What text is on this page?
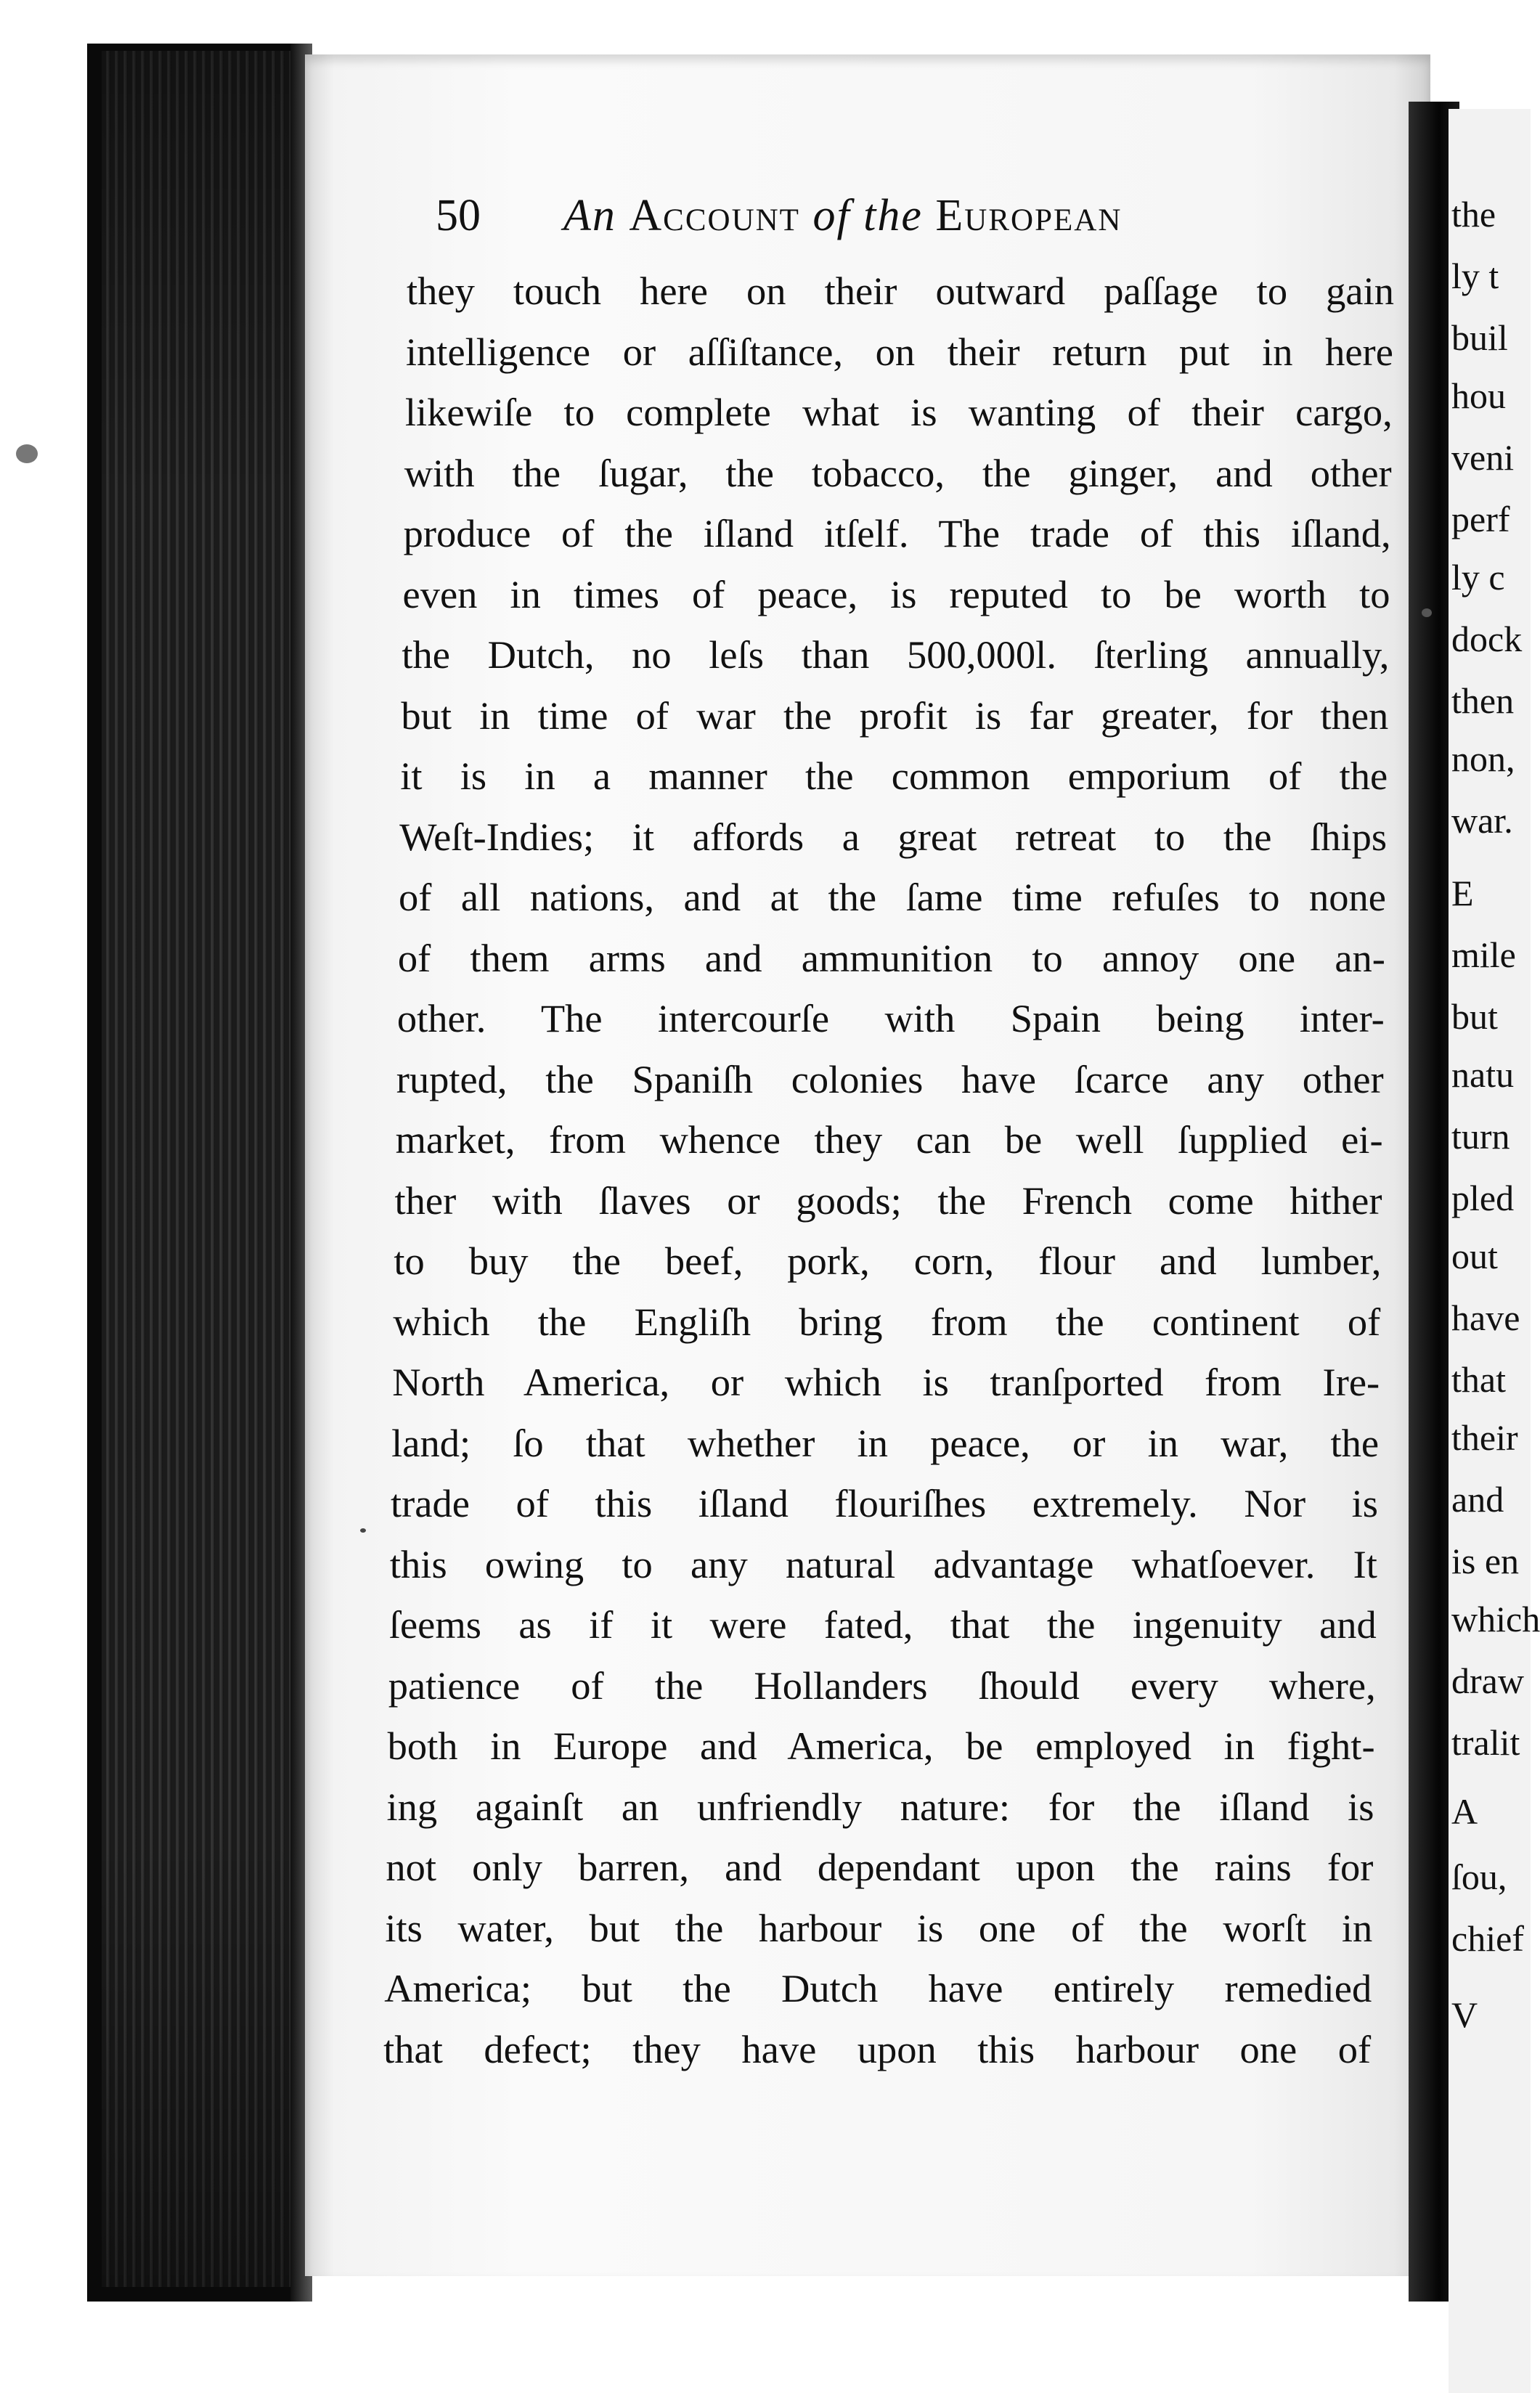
the
ly t
buil
hou
veni
perf
ly c
dock
then
non,
war.
E
mile
but
natu
turn
pled
out
have
that
their
and
is en
which
draw
tralit
A
ſou,
chief
V
50 An Account of the European
they touch here on their outward paſſage to gain
intelligence or aſſiſtance, on their return put in here
likewiſe to complete what is wanting of their cargo,
with the ſugar, the tobacco, the ginger, and other
produce of the iſland itſelf. The trade of this iſland,
even in times of peace, is reputed to be worth to
the Dutch, no leſs than 500,000l. ſterling annually,
but in time of war the profit is far greater, for then
it is in a manner the common emporium of the
Weſt-Indies; it affords a great retreat to the ſhips
of all nations, and at the ſame time refuſes to none
of them arms and ammunition to annoy one an-
other. The intercourſe with Spain being inter-
rupted, the Spaniſh colonies have ſcarce any other
market, from whence they can be well ſupplied ei-
ther with ſlaves or goods; the French come hither
to buy the beef, pork, corn, flour and lumber,
which the Engliſh bring from the continent of
North America, or which is tranſported from Ire-
land; ſo that whether in peace, or in war, the
trade of this iſland flouriſhes extremely. Nor is
this owing to any natural advantage whatſoever. It
ſeems as if it were fated, that the ingenuity and
patience of the Hollanders ſhould every where,
both in Europe and America, be employed in fight-
ing againſt an unfriendly nature: for the iſland is
not only barren, and dependant upon the rains for
its water, but the harbour is one of the worſt in
America; but the Dutch have entirely remedied
that defect; they have upon this harbour one of
